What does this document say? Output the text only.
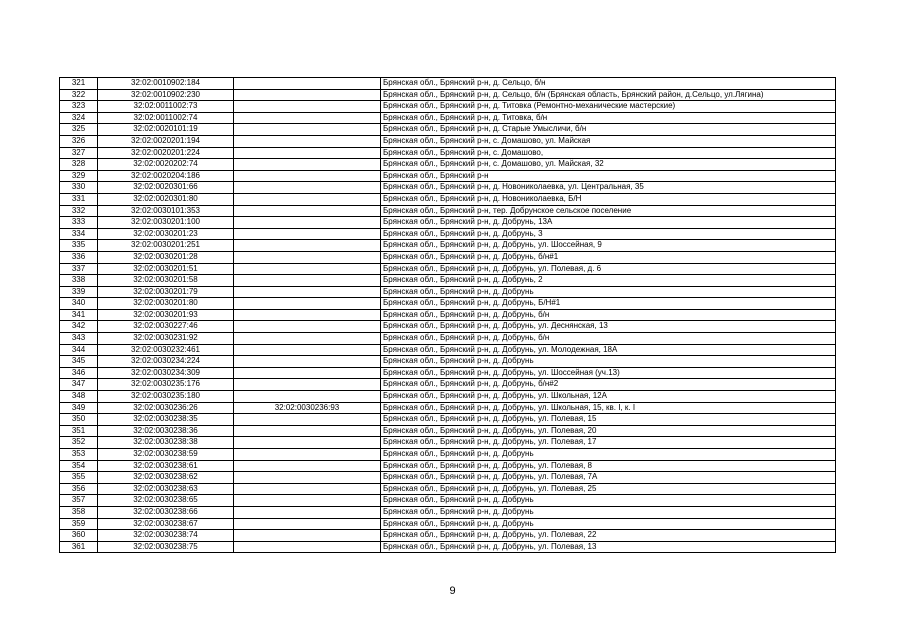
321	32:02:0010902:184		Брянская обл., Брянский р-н, д. Сельцо, б/н
322	32:02:0010902:230		Брянская обл., Брянский р-н, д. Сельцо, б/н (Брянская область, Брянский район, д.Сельцо, ул.Лягина)
323	32:02:0011002:73		Брянская обл., Брянский р-н, д. Титовка (Ремонтно-механические мастерские)
324	32:02:0011002:74		Брянская обл., Брянский р-н, д. Титовка, б/н
325	32:02:0020101:19		Брянская обл., Брянский р-н, д. Старые Умысличи, б/н
326	32:02:0020201:194		Брянская обл., Брянский р-н, с. Домашово, ул. Майская
327	32:02:0020201:224		Брянская обл., Брянский р-н, с. Домашово,
328	32:02:0020202:74		Брянская обл., Брянский р-н, с. Домашово, ул. Майская, 32
329	32:02:0020204:186		Брянская обл., Брянский р-н
330	32:02:0020301:66		Брянская обл., Брянский р-н, д. Новониколаевка, ул. Центральная, 35
331	32:02:0020301:80		Брянская обл., Брянский р-н, д. Новониколаевка, Б/Н
332	32:02:0030101:353		Брянская обл., Брянский р-н, тер. Добрунское сельское поселение
333	32:02:0030201:100		Брянская обл., Брянский р-н, д. Добрунь, 13А
334	32:02:0030201:23		Брянская обл., Брянский р-н, д. Добрунь, 3
335	32:02:0030201:251		Брянская обл., Брянский р-н, д. Добрунь, ул. Шоссейная, 9
336	32:02:0030201:28		Брянская обл., Брянский р-н, д. Добрунь, б/н#1
337	32:02:0030201:51		Брянская обл., Брянский р-н, д. Добрунь, ул. Полевая, д. 6
338	32:02:0030201:58		Брянская обл., Брянский р-н, д. Добрунь, 2
339	32:02:0030201:79		Брянская обл., Брянский р-н, д. Добрунь
340	32:02:0030201:80		Брянская обл., Брянский р-н, д. Добрунь, Б/Н#1
341	32:02:0030201:93		Брянская обл., Брянский р-н, д. Добрунь, б/н
342	32:02:0030227:46		Брянская обл., Брянский р-н, д. Добрунь, ул. Деснянская, 13
343	32:02:0030231:92		Брянская обл., Брянский р-н, д. Добрунь, б/н
344	32:02:0030232:461		Брянская обл., Брянский р-н, д. Добрунь, ул. Молодежная, 18А
345	32:02:0030234:224		Брянская обл., Брянский р-н, д. Добрунь
346	32:02:0030234:309		Брянская обл., Брянский р-н, д. Добрунь, ул. Шоссейная (уч.13)
347	32:02:0030235:176		Брянская обл., Брянский р-н, д. Добрунь, б/н#2
348	32:02:0030235:180		Брянская обл., Брянский р-н, д. Добрунь, ул. Школьная, 12А
349	32:02:0030236:26	32:02:0030236:93	Брянская обл., Брянский р-н, д. Добрунь, ул. Школьная, 15, кв. I, к. I
350	32:02:0030238:35		Брянская обл., Брянский р-н, д. Добрунь, ул. Полевая, 15
351	32:02:0030238:36		Брянская обл., Брянский р-н, д. Добрунь, ул. Полевая, 20
352	32:02:0030238:38		Брянская обл., Брянский р-н, д. Добрунь, ул. Полевая, 17
353	32:02:0030238:59		Брянская обл., Брянский р-н, д. Добрунь
354	32:02:0030238:61		Брянская обл., Брянский р-н, д. Добрунь, ул. Полевая, 8
355	32:02:0030238:62		Брянская обл., Брянский р-н, д. Добрунь, ул. Полевая, 7А
356	32:02:0030238:63		Брянская обл., Брянский р-н, д. Добрунь, ул. Полевая, 25
357	32:02:0030238:65		Брянская обл., Брянский р-н, д. Добрунь
358	32:02:0030238:66		Брянская обл., Брянский р-н, д. Добрунь
359	32:02:0030238:67		Брянская обл., Брянский р-н, д. Добрунь
360	32:02:0030238:74		Брянская обл., Брянский р-н, д. Добрунь, ул. Полевая, 22
361	32:02:0030238:75		Брянская обл., Брянский р-н, д. Добрунь, ул. Полевая, 13
9
